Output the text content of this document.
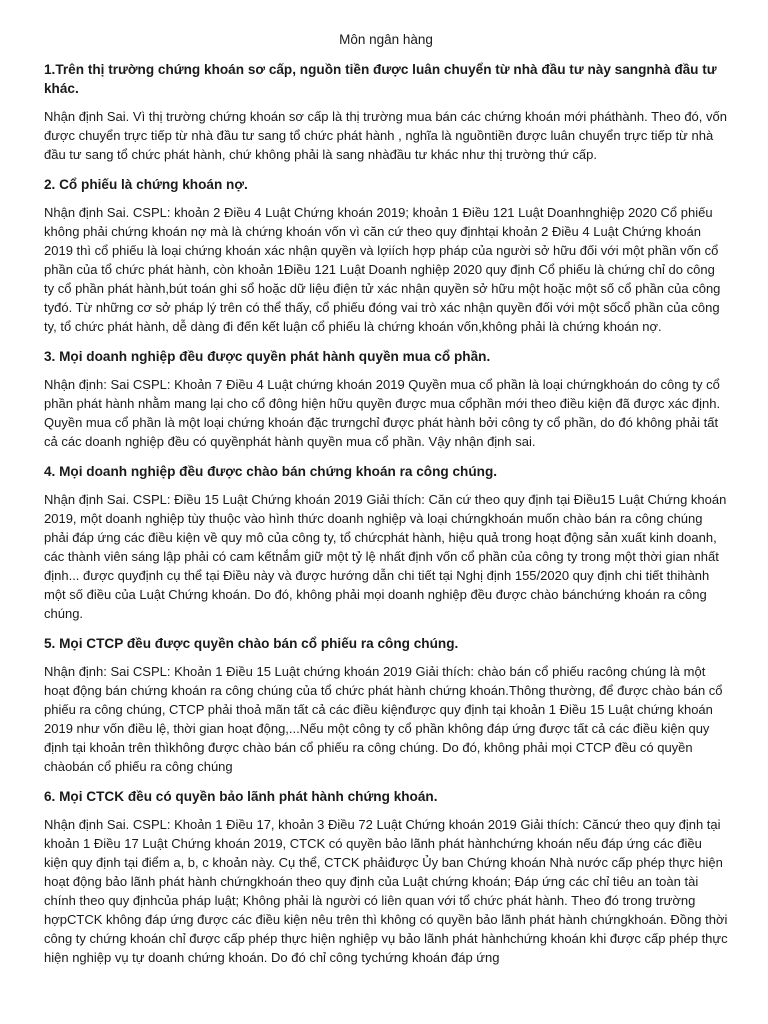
Môn ngân hàng
1.Trên thị trường chứng khoán sơ cấp, nguồn tiền được luân chuyển từ nhà đầu tư này sangnhà đầu tư khác.
Nhận định Sai. Vì thị trường chứng khoán sơ cấp là thị trường mua bán các chứng khoán mới pháthành. Theo đó, vốn được chuyển trực tiếp từ nhà đầu tư sang tổ chức phát hành , nghĩa là nguồntiền được luân chuyển trực tiếp từ nhà đầu tư sang tổ chức phát hành, chứ không phải là sang nhàđầu tư khác như thị trường thứ cấp.
2. Cổ phiếu là chứng khoán nợ.
Nhận định Sai. CSPL: khoản 2 Điều 4 Luật Chứng khoán 2019; khoản 1 Điều 121 Luật Doanhnghiệp 2020 Cổ phiếu không phải chứng khoán nợ mà là chứng khoán vốn vì căn cứ theo quy địnhtại khoản 2 Điều 4 Luật Chứng khoán 2019 thì cổ phiếu là loại chứng khoán xác nhận quyền và lợiích hợp pháp của người sở hữu đối với một phần vốn cổ phần của tổ chức phát hành, còn khoản 1Điều 121 Luật Doanh nghiệp 2020 quy định Cổ phiếu là chứng chỉ do công ty cổ phần phát hành,bút toán ghi sổ hoặc dữ liệu điện tử xác nhận quyền sở hữu một hoặc một số cổ phần của công tyđó. Từ những cơ sở pháp lý trên có thể thấy, cổ phiếu đóng vai trò xác nhận quyền đối với một sốcổ phần của công ty, tổ chức phát hành, dễ dàng đi đến kết luận cổ phiếu là chứng khoán vốn,không phải là chứng khoán nợ.
3. Mọi doanh nghiệp đều được quyền phát hành quyền mua cổ phần.
Nhận định: Sai CSPL: Khoản 7 Điều 4 Luật chứng khoán 2019 Quyền mua cổ phần là loại chứngkhoán do công ty cổ phần phát hành nhằm mang lại cho cổ đông hiện hữu quyền được mua cổphần mới theo điều kiện đã được xác định. Quyền mua cổ phần là một loại chứng khoán đặc trưngchỉ được phát hành bởi công ty cổ phần, do đó không phải tất cả các doanh nghiệp đều có quyềnphát hành quyền mua cổ phần. Vậy nhận định sai.
4. Mọi doanh nghiệp đều được chào bán chứng khoán ra công chúng.
Nhận định Sai. CSPL: Điều 15 Luật Chứng khoán 2019 Giải thích: Căn cứ theo quy định tại Điều15 Luật Chứng khoán 2019, một doanh nghiệp tùy thuộc vào hình thức doanh nghiệp và loại chứngkhoán muốn chào bán ra công chúng phải đáp ứng các điều kiện về quy mô của công ty, tổ chứcphát hành, hiệu quả trong hoạt động sản xuất kinh doanh, các thành viên sáng lập phải có cam kếtnắm giữ một tỷ lệ nhất định vốn cổ phần của công ty trong một thời gian nhất định... được quyđịnh cụ thể tại Điều này và được hướng dẫn chi tiết tại Nghị định 155/2020 quy định chi tiết thihành một số điều của Luật Chứng khoán. Do đó, không phải mọi doanh nghiệp đều được chào bánchứng khoán ra công chúng.
5. Mọi CTCP đều được quyền chào bán cổ phiếu ra công chúng.
Nhận định: Sai CSPL: Khoản 1 Điều 15 Luật chứng khoán 2019 Giải thích: chào bán cổ phiếu racông chúng là một hoạt động bán chứng khoán ra công chúng của tổ chức phát hành chứng khoán.Thông thường, để được chào bán cổ phiếu ra công chúng, CTCP phải thoả mãn tất cả các điều kiệnđược quy định tại khoản 1 Điều 15 Luật chứng khoán 2019 như vốn điều lệ, thời gian hoạt động,...Nếu một công ty cổ phần không đáp ứng được tất cả các điều kiện quy định tại khoản trên thìkhông được chào bán cổ phiếu ra công chúng. Do đó, không phải mọi CTCP đều có quyền chàobán cổ phiếu ra công chúng
6. Mọi CTCK đều có quyền bảo lãnh phát hành chứng khoán.
Nhận định Sai. CSPL: Khoản 1 Điều 17, khoản 3 Điều 72 Luật Chứng khoán 2019 Giải thích: Căncứ theo quy định tại khoản 1 Điều 17 Luật Chứng khoán 2019, CTCK có quyền bảo lãnh phát hànhchứng khoán nếu đáp ứng các điều kiện quy định tại điểm a, b, c khoản này. Cụ thể, CTCK phảiđược Ủy ban Chứng khoán Nhà nước cấp phép thực hiện hoạt động bảo lãnh phát hành chứngkhoán theo quy định của Luật chứng khoán; Đáp ứng các chỉ tiêu an toàn tài chính theo quy địnhcủa pháp luật; Không phải là người có liên quan với tổ chức phát hành. Theo đó trong trường hợpCTCK không đáp ứng được các điều kiện nêu trên thì không có quyền bảo lãnh phát hành chứngkhoán. Đồng thời công ty chứng khoán chỉ được cấp phép thực hiện nghiệp vụ bảo lãnh phát hànhchứng khoán khi được cấp phép thực hiện nghiệp vụ tự doanh chứng khoán. Do đó chỉ công tychứng khoán đáp ứng
